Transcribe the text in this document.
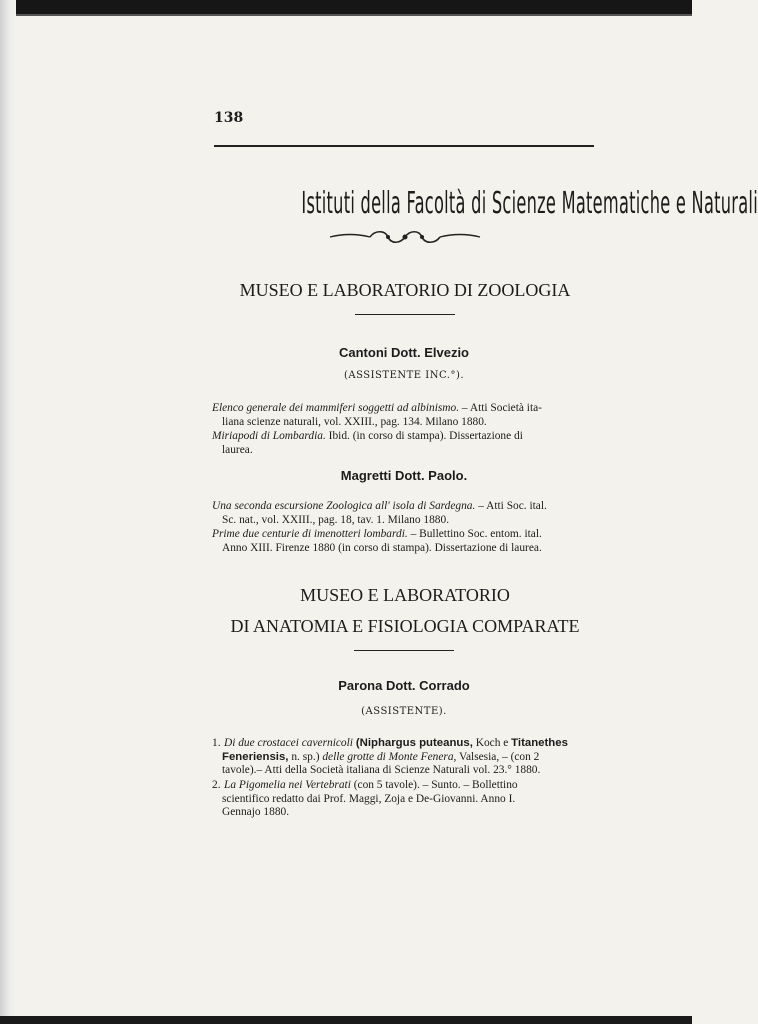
138
Istituti della Facoltà di Scienze Matematiche e Naturali
MUSEO E LABORATORIO DI ZOOLOGIA
Cantoni Dott. Elvezio
(ASSISTENTE INC.°).
Elenco generale dei mammiferi soggetti ad albinismo. – Atti Società ita-
liana scienze naturali, vol. XXIII., pag. 134. Milano 1880.
Miriapodi di Lombardia. Ibid. (in corso di stampa). Dissertazione di
laurea.
Magretti Dott. Paolo.
Una seconda escursione Zoologica all' isola di Sardegna. – Atti Soc. ital.
Sc. nat., vol. XXIII., pag. 18, tav. 1. Milano 1880.
Prime due centurie di imenotteri lombardi. – Bullettino Soc. entom. ital.
Anno XIII. Firenze 1880 (in corso di stampa). Dissertazione di laurea.
MUSEO E LABORATORIO
DI ANATOMIA E FISIOLOGIA COMPARATE
Parona Dott. Corrado
(ASSISTENTE).
1. Di due crostacei cavernicoli (Niphargus puteanus, Koch e Titanethes
Feneriensis, n. sp.) delle grotte di Monte Fenera, Valsesia, – (con 2
tavole).– Atti della Società italiana di Scienze Naturali vol. 23.° 1880.
2. La Pigomelia nei Vertebrati (con 5 tavole). – Sunto. – Bollettino
scientifico redatto dai Prof. Maggi, Zoja e De-Giovanni. Anno I.
Gennajo 1880.
